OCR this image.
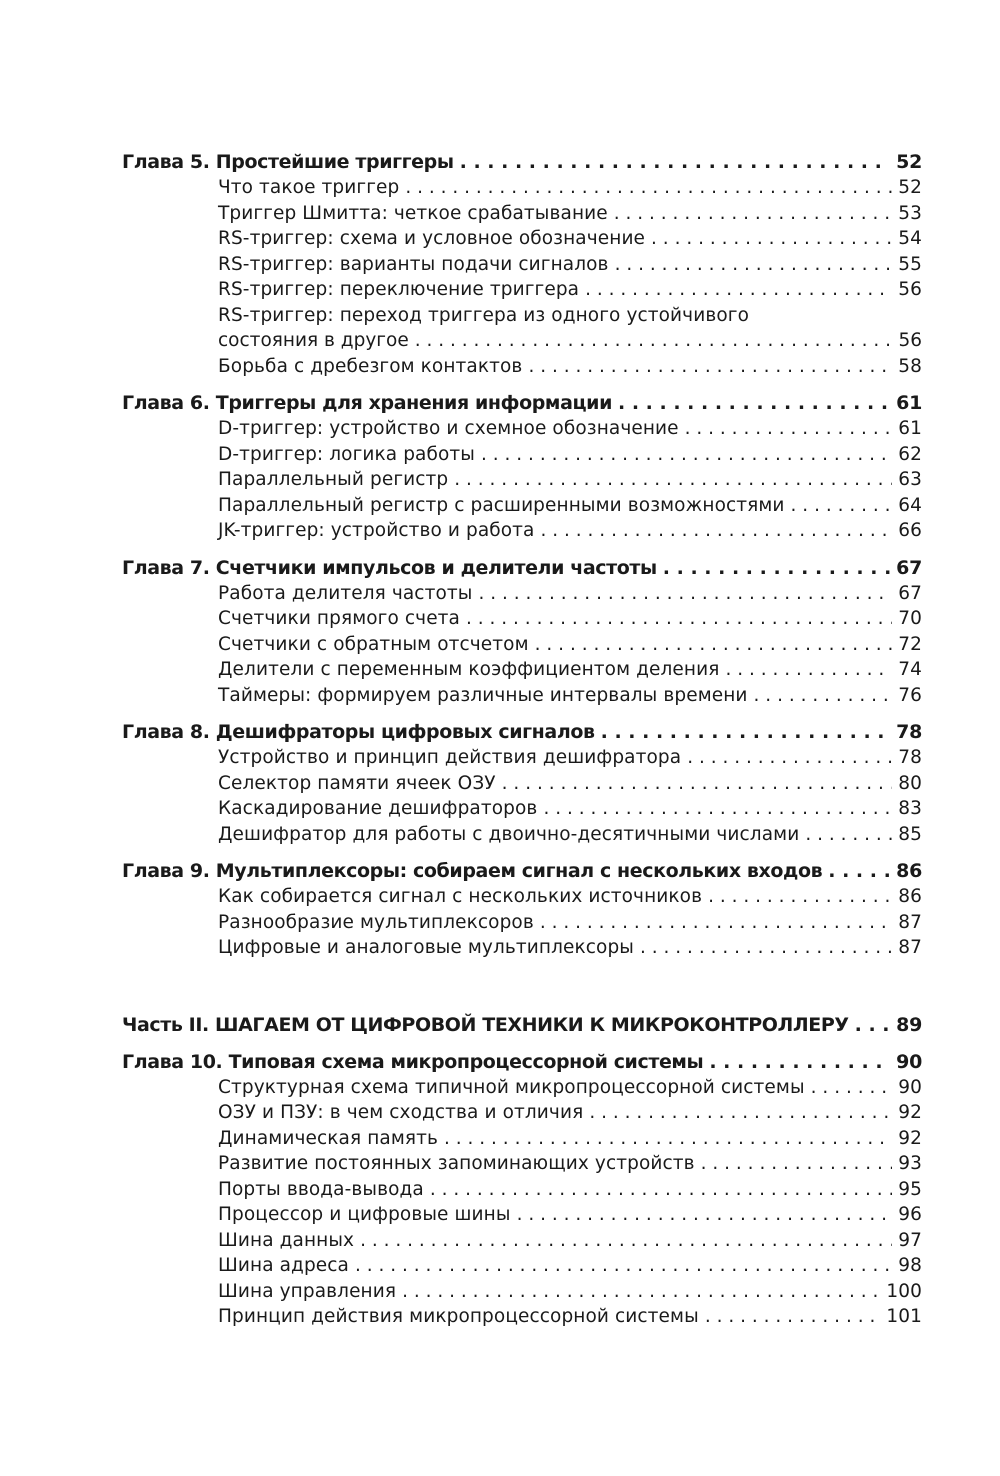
Глава 5. Простейшие триггеры . . .	52
Что такое триггер . . .	52
Триггер Шмитта: четкое срабатывание . . .	53
RS-триггер: схема и условное обозначение . . .	54
RS-триггер: варианты подачи сигналов . . .	55
RS-триггер: переключение триггера . . .	56
RS-триггер: переход триггера из одного устойчивого
состояния в другое . . .	56
Борьба с дребезгом контактов . . .	58
Глава 6. Триггеры для хранения информации . . .	61
D-триггер: устройство и схемное обозначение . . .	61
D-триггер: логика работы . . .	62
Параллельный регистр . . .	63
Параллельный регистр с расширенными возможностями . . .	64
JK-триггер: устройство и работа . . .	66
Глава 7. Счетчики импульсов и делители частоты . . .	67
Работа делителя частоты . . .	67
Счетчики прямого счета . . .	70
Счетчики с обратным отсчетом . . .	72
Делители с переменным коэффициентом деления . . .	74
Таймеры: формируем различные интервалы времени . . .	76
Глава 8. Дешифраторы цифровых сигналов . . .	78
Устройство и принцип действия дешифратора . . .	78
Селектор памяти ячеек ОЗУ . . .	80
Каскадирование дешифраторов . . .	83
Дешифратор для работы с двоично-десятичными числами . . .	85
Глава 9. Мультиплексоры: собираем сигнал с нескольких входов . . .	86
Как собирается сигнал с нескольких источников . . .	86
Разнообразие мультиплексоров . . .	87
Цифровые и аналоговые мультиплексоры . . .	87
Часть II. ШАГАЕМ ОТ ЦИФРОВОЙ ТЕХНИКИ К МИКРОКОНТРОЛЛЕРУ . . .	89
Глава 10. Типовая схема микропроцессорной системы . . .	90
Структурная схема типичной микропроцессорной системы . . .	90
ОЗУ и ПЗУ: в чем сходства и отличия . . .	92
Динамическая память . . .	92
Развитие постоянных запоминающих устройств . . .	93
Порты ввода-вывода . . .	95
Процессор и цифровые шины . . .	96
Шина данных . . .	97
Шина адреса . . .	98
Шина управления . . .	100
Принцип действия микропроцессорной системы . . .	101
